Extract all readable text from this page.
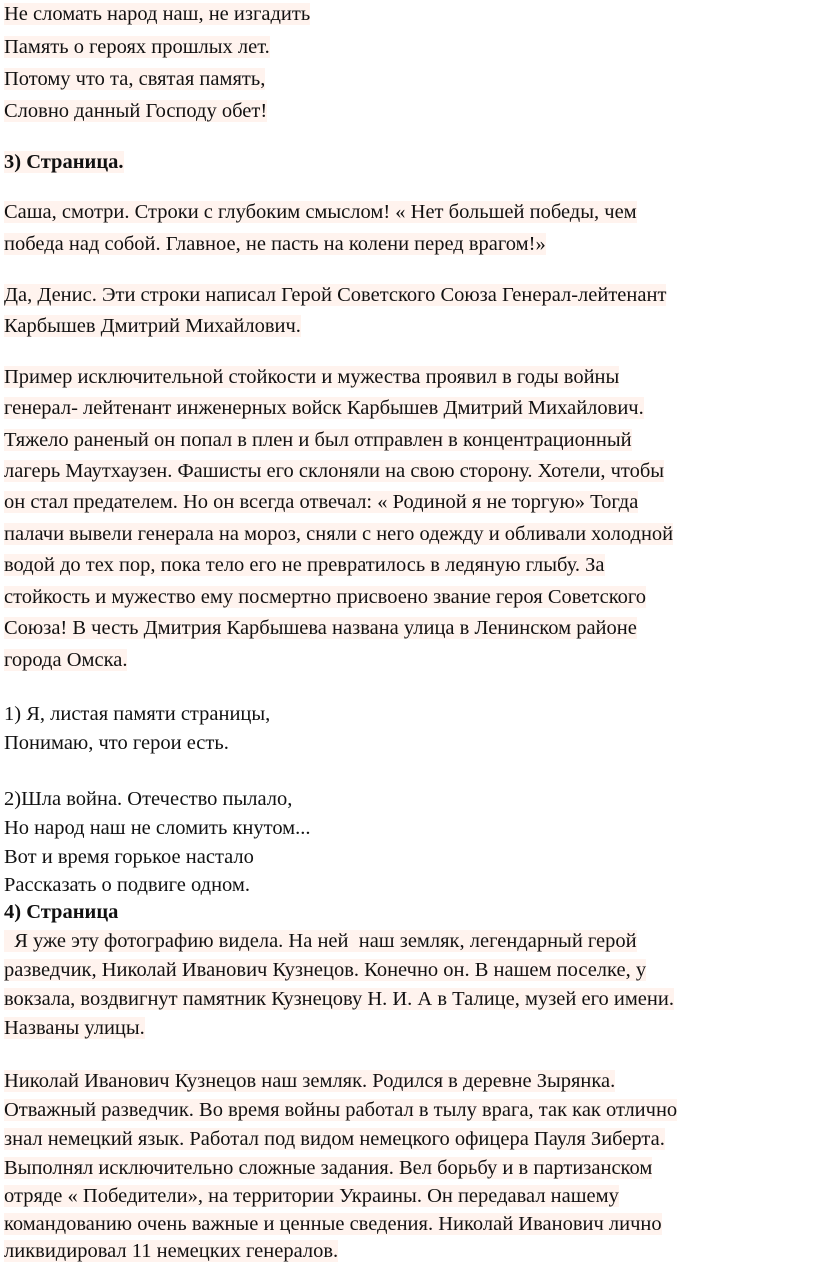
Не сломать народ наш, не изгадить
Память о героях прошлых лет.
Потому что та, святая память,
Словно данный Господу обет!
3) Страница.
Саша, смотри. Строки с глубоким смыслом! « Нет большей победы, чем
победа над собой. Главное, не пасть на колени перед врагом!»
Да, Денис. Эти строки написал Герой Советского Союза Генерал-лейтенант
Карбышев Дмитрий Михайлович.
Пример исключительной стойкости и мужества проявил в годы войны
генерал- лейтенант инженерных войск Карбышев Дмитрий Михайлович.
Тяжело раненый он попал в плен и был отправлен в концентрационный
лагерь Маутхаузен. Фашисты его склоняли на свою сторону. Хотели, чтобы
он стал предателем. Но он всегда отвечал: « Родиной я не торгую» Тогда
палачи вывели генерала на мороз, сняли с него одежду и обливали холодной
водой до тех пор, пока тело его не превратилось в ледяную глыбу. За
стойкость и мужество ему посмертно присвоено звание героя Советского
Союза! В честь Дмитрия Карбышева названа улица в Ленинском районе
города Омска.
1) Я, листая памяти страницы,
Понимаю, что герои есть.
2)Шла война. Отечество пылало,
Но народ наш не сломить кнутом...
Вот и время горькое настало
Рассказать о подвиге одном.
4) Страница
Я уже эту фотографию видела. На ней  наш земляк, легендарный герой
разведчик, Николай Иванович Кузнецов. Конечно он. В нашем поселке, у
вокзала, воздвигнут памятник Кузнецову Н. И. А в Талице, музей его имени.
Названы улицы.
Николай Иванович Кузнецов наш земляк. Родился в деревне Зырянка.
Отважный разведчик. Во время войны работал в тылу врага, так как отлично
знал немецкий язык. Работал под видом немецкого офицера Пауля Зиберта.
Выполнял исключительно сложные задания. Вел борьбу и в партизанском
отряде « Победители», на территории Украины. Он передавал нашему
командованию очень важные и ценные сведения. Николай Иванович лично
ликвидировал 11 немецких генералов.
